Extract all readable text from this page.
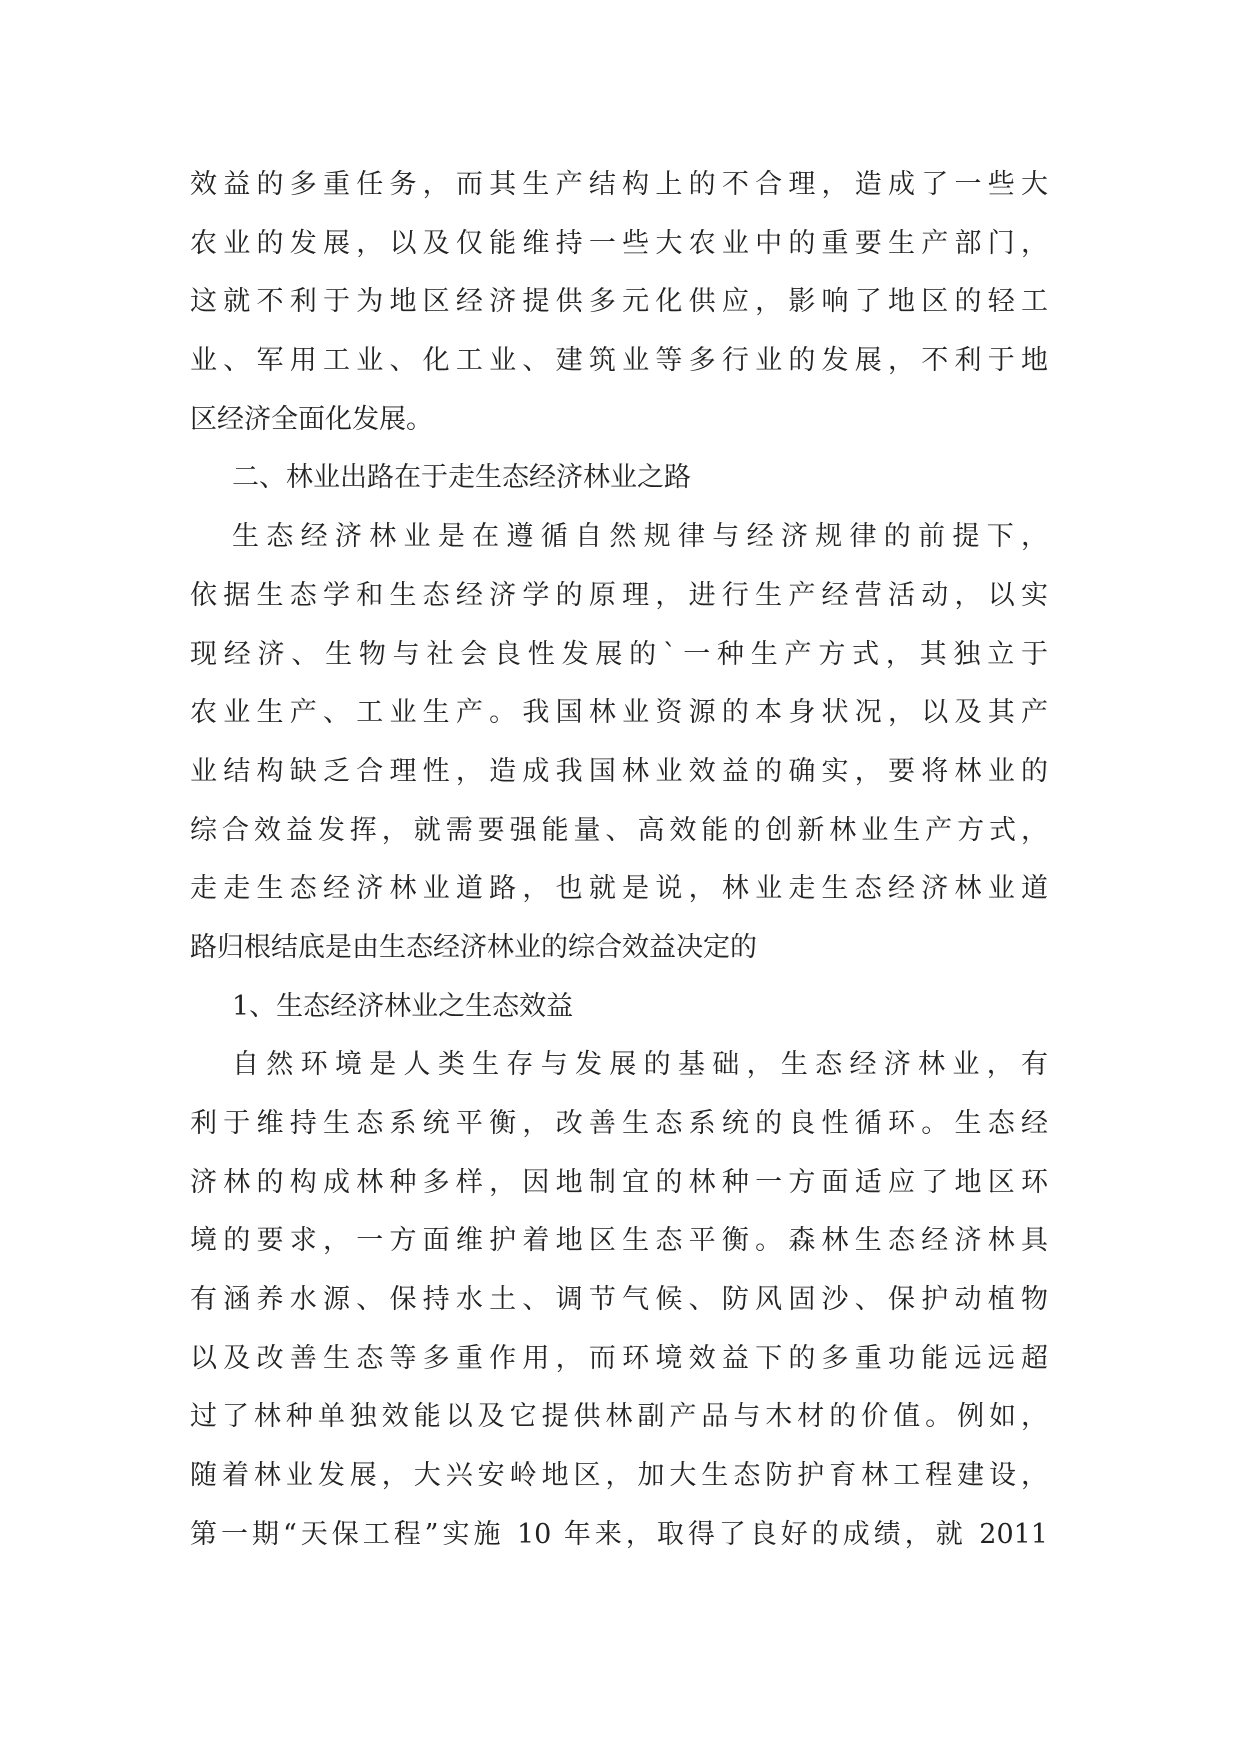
效益的多重任务，而其生产结构上的不合理，造成了一些大
农业的发展，以及仅能维持一些大农业中的重要生产部门，
这就不利于为地区经济提供多元化供应，影响了地区的轻工
业、军用工业、化工业、建筑业等多行业的发展，不利于地
区经济全面化发展。
二、林业出路在于走生态经济林业之路
生态经济林业是在遵循自然规律与经济规律的前提下，
依据生态学和生态经济学的原理，进行生产经营活动，以实
现经济、生物与社会良性发展的`一种生产方式，其独立于
农业生产、工业生产。我国林业资源的本身状况，以及其产
业结构缺乏合理性，造成我国林业效益的确实，要将林业的
综合效益发挥，就需要强能量、高效能的创新林业生产方式，
走走生态经济林业道路，也就是说，林业走生态经济林业道
路归根结底是由生态经济林业的综合效益决定的
1、生态经济林业之生态效益
自然环境是人类生存与发展的基础，生态经济林业，有
利于维持生态系统平衡，改善生态系统的良性循环。生态经
济林的构成林种多样，因地制宜的林种一方面适应了地区环
境的要求，一方面维护着地区生态平衡。森林生态经济林具
有涵养水源、保持水土、调节气候、防风固沙、保护动植物
以及改善生态等多重作用，而环境效益下的多重功能远远超
过了林种单独效能以及它提供林副产品与木材的价值。例如，
随着林业发展，大兴安岭地区，加大生态防护育林工程建设，
第一期“天保工程”实施 10 年来，取得了良好的成绩，就 2011
